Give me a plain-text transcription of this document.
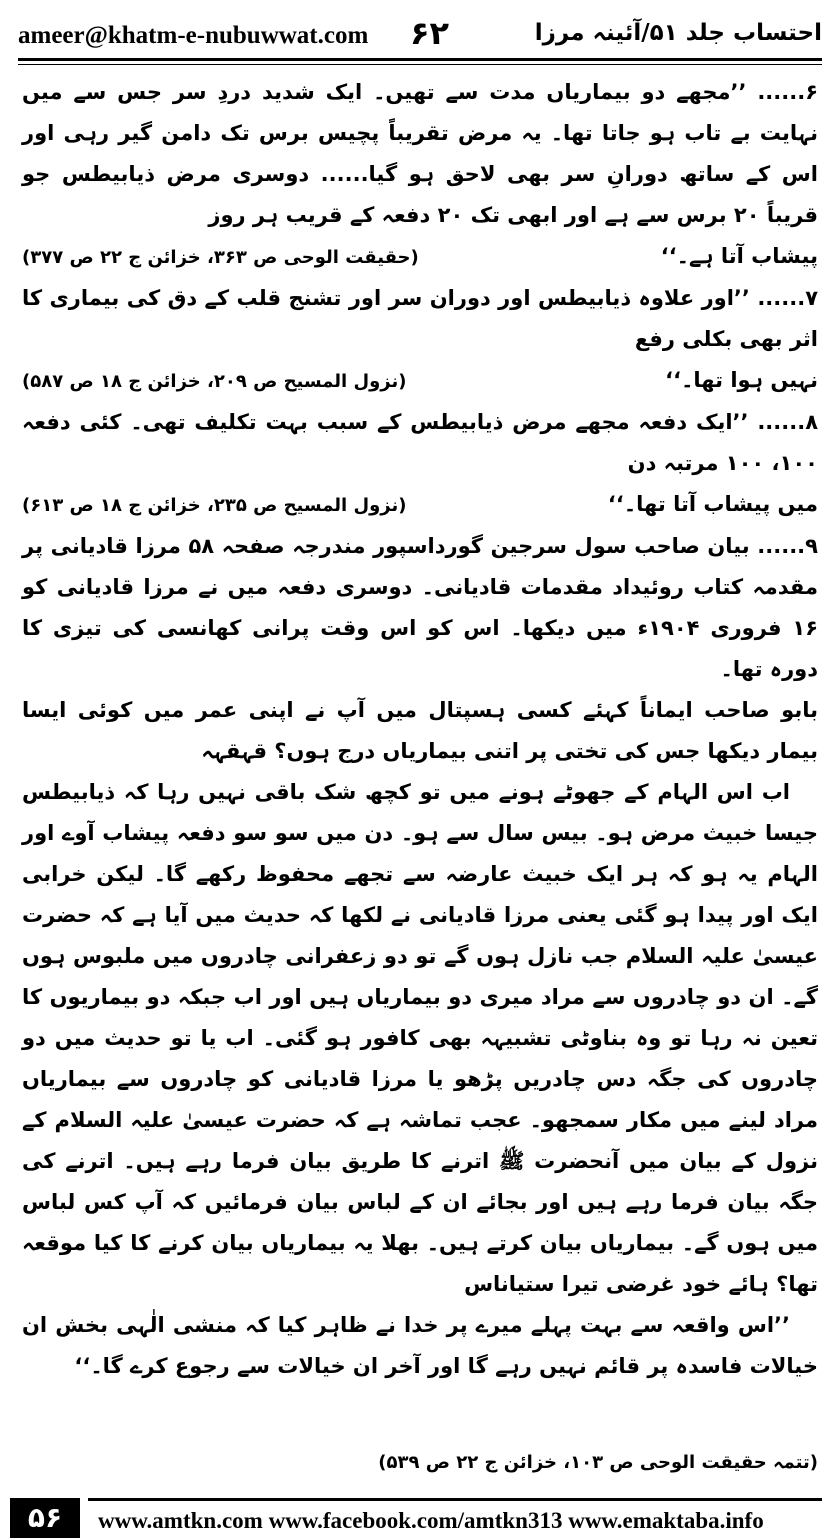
ameer@khatm-e-nubuwwat.com ۶۲	احتساب جلد ۵۱/آئینہ مرزا

۶...... ’’مجھے دو بیماریاں مدت سے تھیں۔ ایک شدید دردِ سر جس سے میں نہایت بے تاب ہو جاتا تھا۔ یہ مرض تقریباً پچیس برس تک دامن گیر رہی اور اس کے ساتھ دورانِ سر بھی لاحق ہو گیا...... دوسری مرض ذیابیطس جو قریباً ۲۰ برس سے ہے اور ابھی تک ۲۰ دفعہ کے قریب ہر روز

پیشاب آتا ہے۔‘‘
(حقیقت الوحی ص ۳۶۳، خزائن ج ۲۲ ص ۳۷۷)

۷...... ’’اور علاوہ ذیابیطس اور دوران سر اور تشنج قلب کے دق کی بیماری کا اثر بھی بکلی رفع

نہیں ہوا تھا۔‘‘
(نزول المسیح ص ۲۰۹، خزائن ج ۱۸ ص ۵۸۷)

۸...... ’’ایک دفعہ مجھے مرض ذیابیطس کے سبب بہت تکلیف تھی۔ کئی دفعہ ۱۰۰، ۱۰۰ مرتبہ دن

میں پیشاب آتا تھا۔‘‘
(نزول المسیح ص ۲۳۵، خزائن ج ۱۸ ص ۶۱۳)

۹...... بیان صاحب سول سرجین گورداسپور مندرجہ صفحہ ۵۸ مرزا قادیانی پر مقدمہ کتاب روئیداد مقدمات قادیانی۔ دوسری دفعہ میں نے مرزا قادیانی کو ۱۶ فروری ۱۹۰۴ء میں دیکھا۔ اس کو اس وقت پرانی کھانسی کی تیزی کا دورہ تھا۔

بابو صاحب ایماناً کہئے کسی ہسپتال میں آپ نے اپنی عمر میں کوئی ایسا بیمار دیکھا جس کی تختی پر اتنی بیماریاں درج ہوں؟ قہقہہ

اب اس الہام کے جھوٹے ہونے میں تو کچھ شک باقی نہیں رہا کہ ذیابیطس جیسا خبیث مرض ہو۔ بیس سال سے ہو۔ دن میں سو سو دفعہ پیشاب آوے اور الہام یہ ہو کہ ہر ایک خبیث عارضہ سے تجھے محفوظ رکھے گا۔ لیکن خرابی ایک اور پیدا ہو گئی یعنی مرزا قادیانی نے لکھا کہ حدیث میں آیا ہے کہ حضرت عیسیٰ علیہ السلام جب نازل ہوں گے تو دو زعفرانی چادروں میں ملبوس ہوں گے۔ ان دو چادروں سے مراد میری دو بیماریاں ہیں اور اب جبکہ دو بیماریوں کا تعین نہ رہا تو وہ بناوٹی تشبیہہ بھی کافور ہو گئی۔ اب یا تو حدیث میں دو چادروں کی جگہ دس چادریں پڑھو یا مرزا قادیانی کو چادروں سے بیماریاں مراد لینے میں مکار سمجھو۔ عجب تماشہ ہے کہ حضرت عیسیٰ علیہ السلام کے نزول کے بیان میں آنحضرت ﷺ اترنے کا طریق بیان فرما رہے ہیں۔ اترنے کی جگہ بیان فرما رہے ہیں اور بجائے ان کے لباس بیان فرمائیں کہ آپ کس لباس میں ہوں گے۔ بیماریاں بیان کرتے ہیں۔ بھلا یہ بیماریاں بیان کرنے کا کیا موقعہ تھا؟ ہائے خود غرضی تیرا ستیاناس

’’اس واقعہ سے بہت پہلے میرے پر خدا نے ظاہر کیا کہ منشی الٰہی بخش ان خیالات فاسدہ پر قائم نہیں رہے گا اور آخر ان خیالات سے رجوع کرے گا۔‘‘

(تتمہ حقیقت الوحی ص ۱۰۳، خزائن ج ۲۲ ص ۵۳۹)
۵۶	www.amtkn.com www.facebook.com/amtkn313 www.emaktaba.info
